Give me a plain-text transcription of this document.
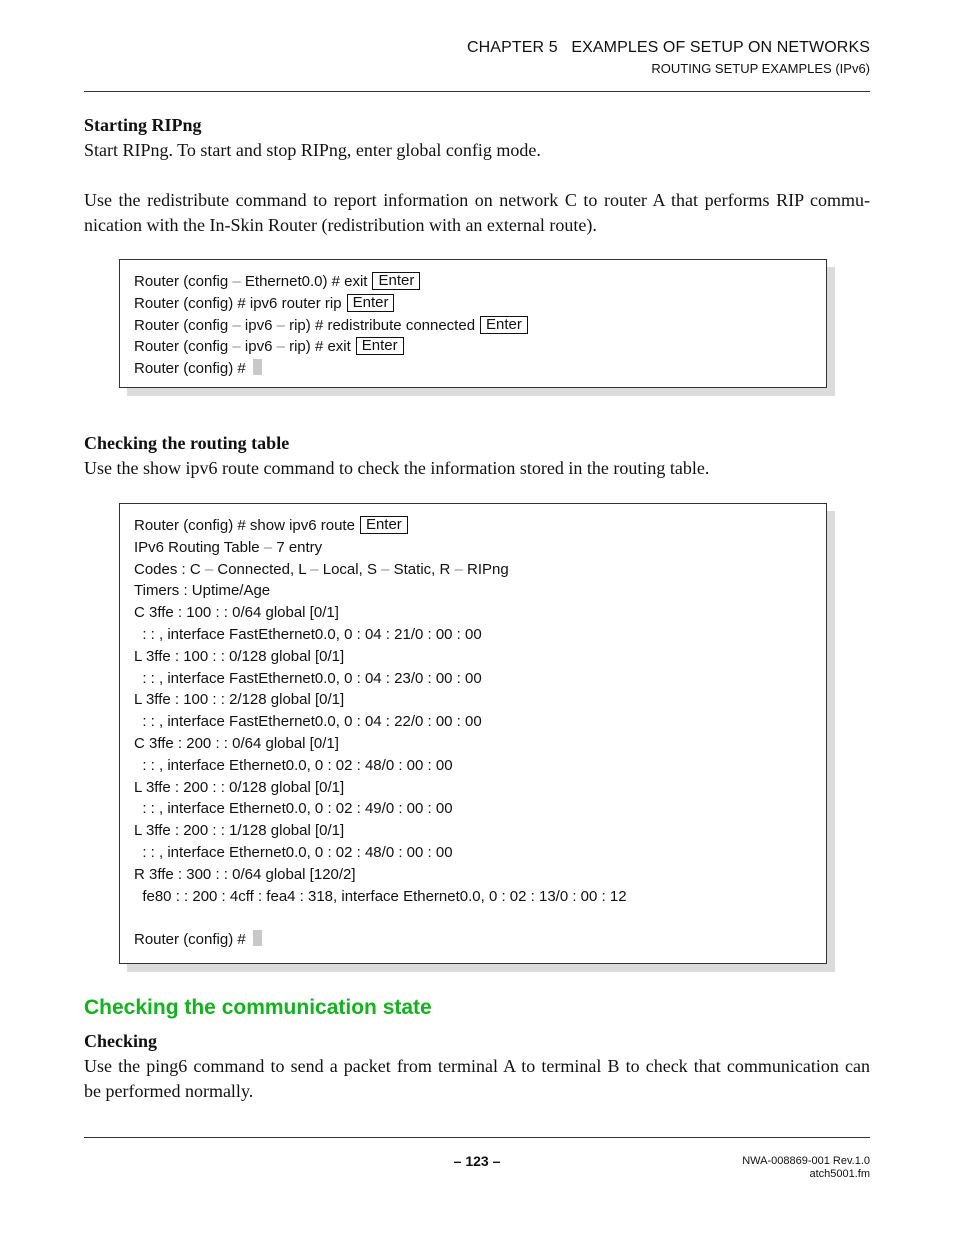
CHAPTER 5   EXAMPLES OF SETUP ON NETWORKS
ROUTING SETUP EXAMPLES (IPv6)
Starting RIPng
Start RIPng. To start and stop RIPng, enter global config mode.
Use the redistribute command to report information on network C to router A that performs RIP commu-
nication with the In-Skin Router (redistribution with an external route).
Router (config – Ethernet0.0) # exit Enter
Router (config) # ipv6 router rip Enter
Router (config – ipv6 – rip) # redistribute connected Enter
Router (config – ipv6 – rip) # exit Enter
Router (config) #
Checking the routing table
Use the show ipv6 route command to check the information stored in the routing table.
Router (config) # show ipv6 route Enter
IPv6 Routing Table – 7 entry
Codes : C – Connected, L – Local, S – Static, R – RIPng
Timers : Uptime/Age
C 3ffe : 100 : : 0/64 global [0/1]
: : , interface FastEthernet0.0, 0 : 04 : 21/0 : 00 : 00
L 3ffe : 100 : : 0/128 global [0/1]
: : , interface FastEthernet0.0, 0 : 04 : 23/0 : 00 : 00
L 3ffe : 100 : : 2/128 global [0/1]
: : , interface FastEthernet0.0, 0 : 04 : 22/0 : 00 : 00
C 3ffe : 200 : : 0/64 global [0/1]
: : , interface Ethernet0.0, 0 : 02 : 48/0 : 00 : 00
L 3ffe : 200 : : 0/128 global [0/1]
: : , interface Ethernet0.0, 0 : 02 : 49/0 : 00 : 00
L 3ffe : 200 : : 1/128 global [0/1]
: : , interface Ethernet0.0, 0 : 02 : 48/0 : 00 : 00
R 3ffe : 300 : : 0/64 global [120/2]
fe80 : : 200 : 4cff : fea4 : 318, interface Ethernet0.0, 0 : 02 : 13/0 : 00 : 12
Router (config) #
Checking the communication state
Checking
Use the ping6 command to send a packet from terminal A to terminal B to check that communication can
be performed normally.
– 123 –	NWA-008869-001 Rev.1.0
atch5001.fm
